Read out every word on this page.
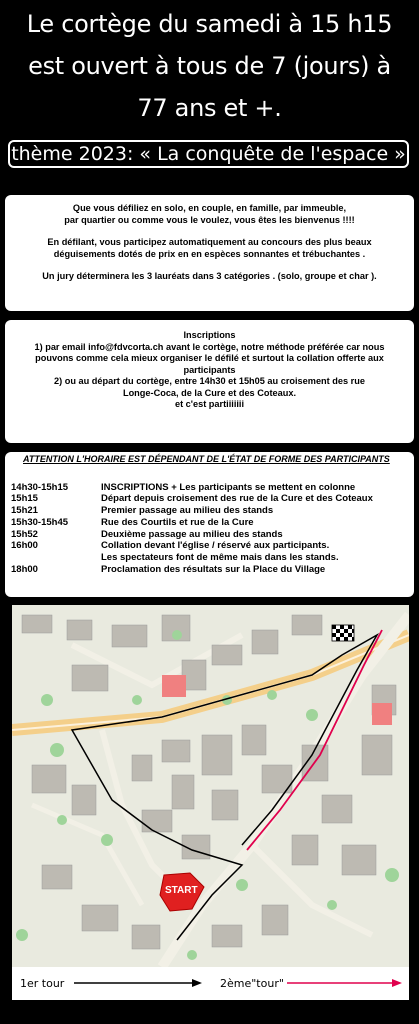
Le cortège du samedi à 15 h15
est ouvert à tous de 7 (jours) à
77 ans et +.
thème 2023: « La conquête de l'espace »

Que vous défiliez en solo, en couple, en famille, par immeuble,

par quartier ou comme vous le voulez, vous êtes les bienvenus !!!!

En défilant, vous participez automatiquement au concours des plus beaux

déguisements dotés de prix en en espèces sonnantes et trébuchantes .

Un jury déterminera les 3 lauréats dans 3 catégories . (solo, groupe et char ).

Inscriptions

1) par email info@fdvcorta.ch avant le cortège, notre méthode préférée car nous

pouvons comme cela mieux organiser le défilé et surtout la collation offerte aux

participants

2) ou au départ du cortège, entre 14h30 et 15h05 au croisement des rue

Longe-Coca, de la Cure et des Coteaux.

et c'est partiiiiiii

ATTENTION L'HORAIRE EST DÉPENDANT DE L'ÉTAT DE FORME DES PARTICIPANTS
14h30-15h15	INSCRIPTIONS + Les participants se mettent en colonne
15h15	Départ depuis croisement des rue de la Cure et des Coteaux
15h21	Premier passage au milieu des stands
15h30-15h45	Rue des Courtils et rue de la Cure
15h52	Deuxième passage au milieu des stands
16h00	Collation devant l'église / réservé aux participants.
Les spectateurs font de même mais dans les stands.
18h00	Proclamation des résultats sur la Place du Village
START
1er tour	2ème"tour"
